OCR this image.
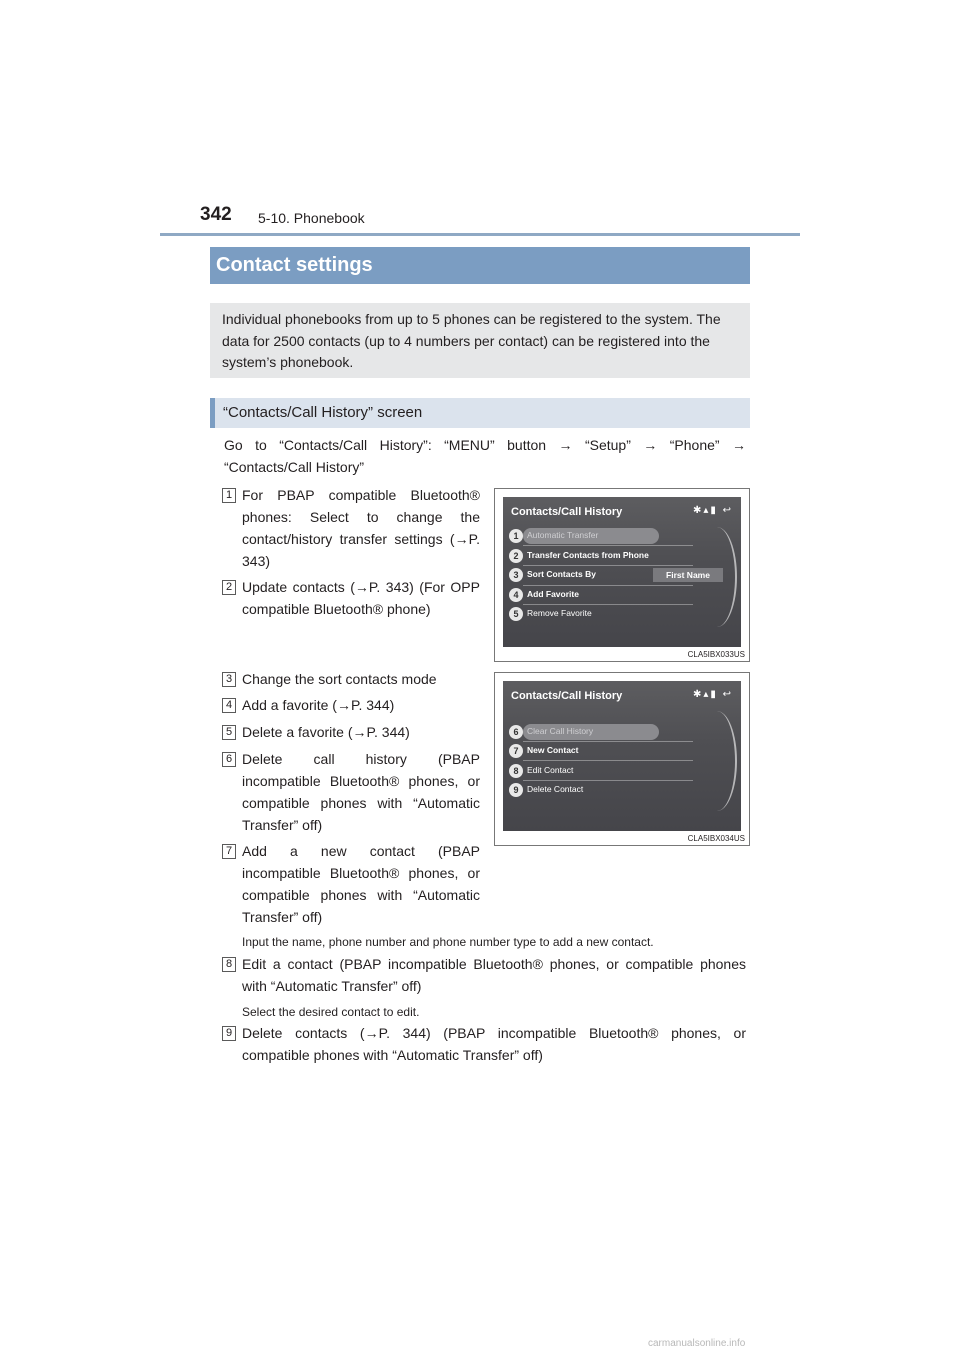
342 5-10. Phonebook
Contact settings
Individual phonebooks from up to 5 phones can be registered to the system. The data for 2500 contacts (up to 4 numbers per contact) can be registered into the system’s phonebook.
“Contacts/Call History” screen
Go to “Contacts/Call History”: “MENU” button → “Setup” → “Phone” → “Contacts/Call History”
1 For PBAP compatible Bluetooth® phones: Select to change the contact/history transfer settings (→P. 343)
2 Update contacts (→P. 343) (For OPP compatible Bluetooth® phone)
3 Change the sort contacts mode
4 Add a favorite (→P. 344)
5 Delete a favorite (→P. 344)
6 Delete call history (PBAP incompatible Bluetooth® phones, or compatible phones with “Automatic Transfer” off)
7 Add a new contact (PBAP incompatible Bluetooth® phones, or compatible phones with “Automatic Transfer” off)
Input the name, phone number and phone number type to add a new contact.
8 Edit a contact (PBAP incompatible Bluetooth® phones, or compatible phones with “Automatic Transfer” off)
Select the desired contact to edit.
9 Delete contacts (→P. 344) (PBAP incompatible Bluetooth® phones, or compatible phones with “Automatic Transfer” off)
Contacts/Call History	✱▴▮ ↩
1	Automatic Transfer
2	Transfer Contacts from Phone
3	Sort Contacts By	First Name
4	Add Favorite
5	Remove Favorite
CLA5IBX033US
Contacts/Call History	✱▴▮ ↩
6	Clear Call History
7	New Contact
8	Edit Contact
9	Delete Contact
CLA5IBX034US
carmanualsonline.info
